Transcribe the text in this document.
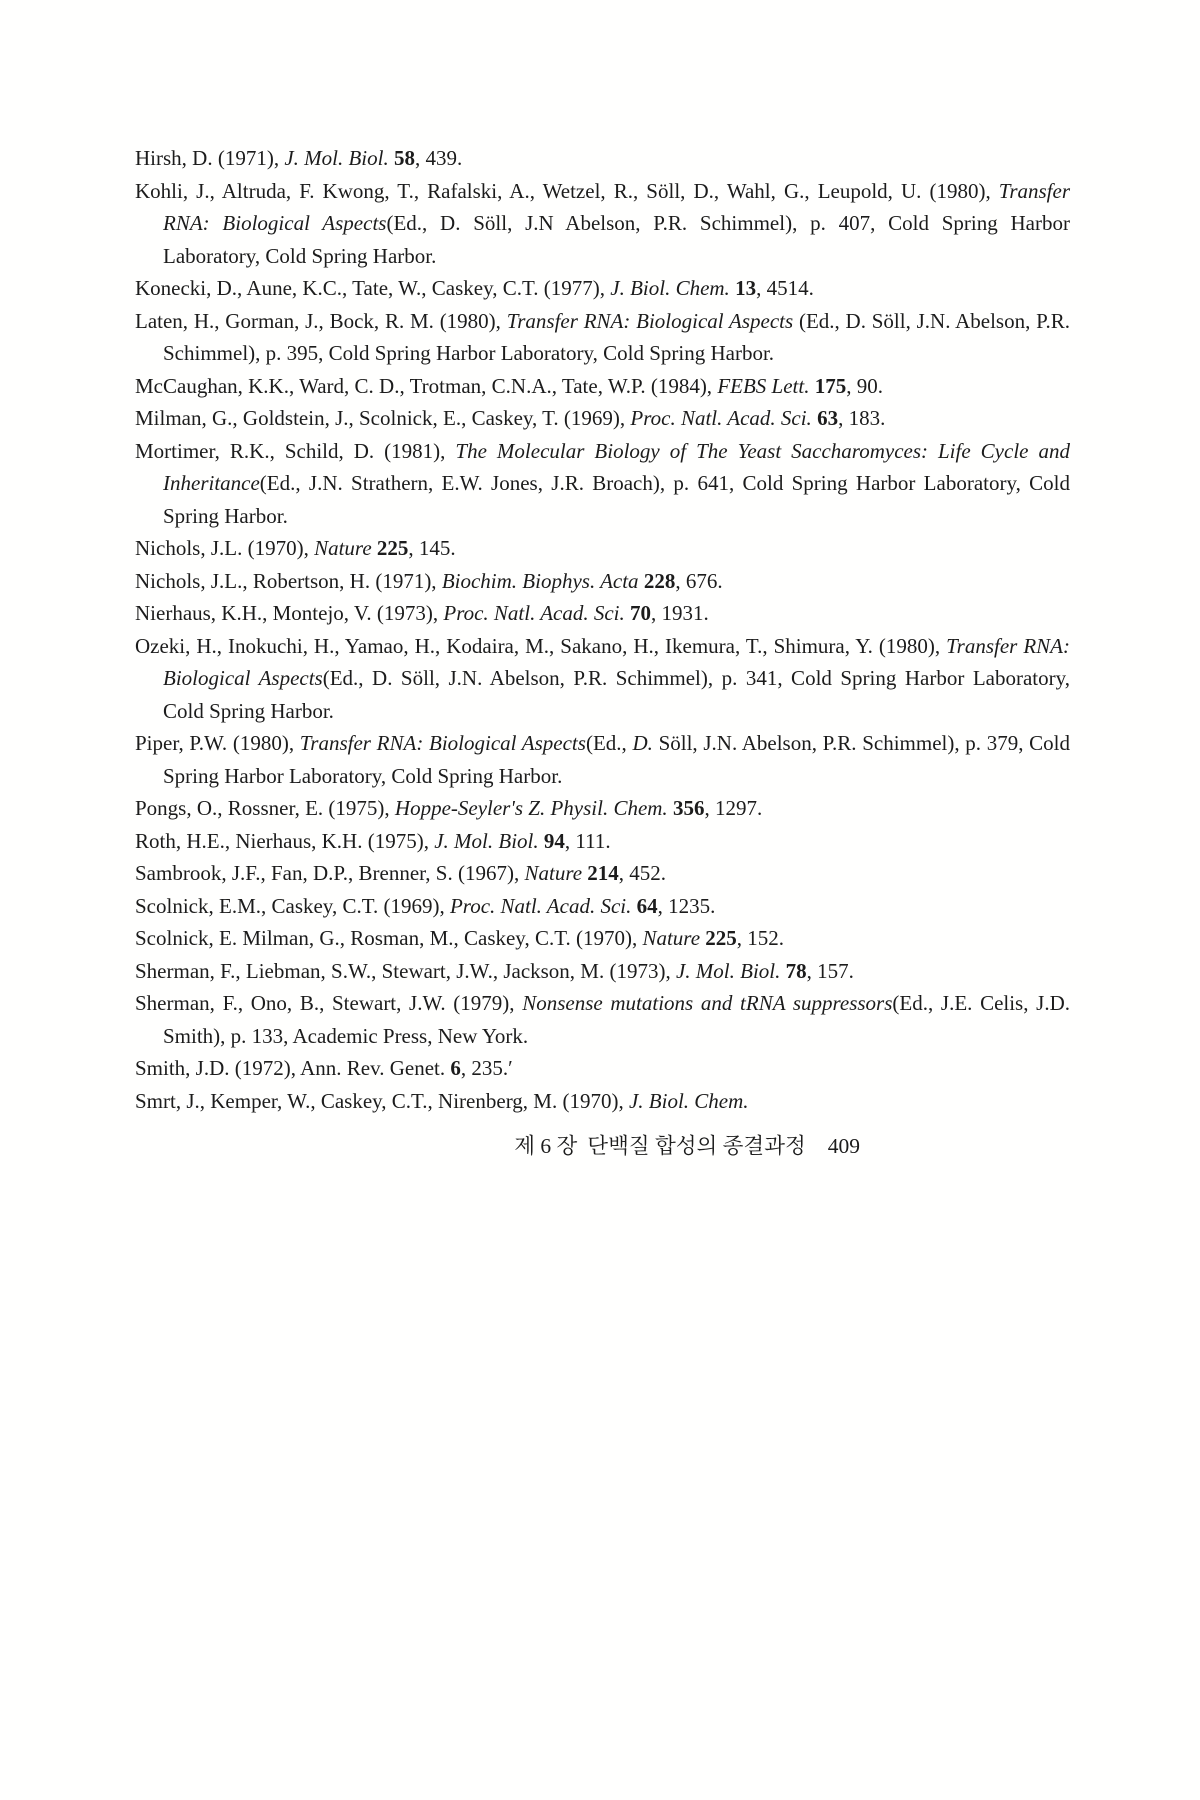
Hirsh, D. (1971), J. Mol. Biol. 58, 439.

Kohli, J., Altruda, F. Kwong, T., Rafalski, A., Wetzel, R., Söll, D., Wahl, G., Leupold, U. (1980), Transfer RNA: Biological Aspects(Ed., D. Söll, J.N Abelson, P.R. Schimmel), p. 407, Cold Spring Harbor Laboratory, Cold Spring Harbor.

Konecki, D., Aune, K.C., Tate, W., Caskey, C.T. (1977), J. Biol. Chem. 13, 4514.

Laten, H., Gorman, J., Bock, R. M. (1980), Transfer RNA: Biological Aspects (Ed., D. Söll, J.N. Abelson, P.R. Schimmel), p. 395, Cold Spring Harbor Laboratory, Cold Spring Harbor.

McCaughan, K.K., Ward, C. D., Trotman, C.N.A., Tate, W.P. (1984), FEBS Lett. 175, 90.

Milman, G., Goldstein, J., Scolnick, E., Caskey, T. (1969), Proc. Natl. Acad. Sci. 63, 183.

Mortimer, R.K., Schild, D. (1981), The Molecular Biology of The Yeast Saccharomyces: Life Cycle and Inheritance(Ed., J.N. Strathern, E.W. Jones, J.R. Broach), p. 641, Cold Spring Harbor Laboratory, Cold Spring Harbor.

Nichols, J.L. (1970), Nature 225, 145.

Nichols, J.L., Robertson, H. (1971), Biochim. Biophys. Acta 228, 676.

Nierhaus, K.H., Montejo, V. (1973), Proc. Natl. Acad. Sci. 70, 1931.

Ozeki, H., Inokuchi, H., Yamao, H., Kodaira, M., Sakano, H., Ikemura, T., Shimura, Y. (1980), Transfer RNA: Biological Aspects(Ed., D. Söll, J.N. Abelson, P.R. Schimmel), p. 341, Cold Spring Harbor Laboratory, Cold Spring Harbor.

Piper, P.W. (1980), Transfer RNA: Biological Aspects(Ed., D. Söll, J.N. Abelson, P.R. Schimmel), p. 379, Cold Spring Harbor Laboratory, Cold Spring Harbor.

Pongs, O., Rossner, E. (1975), Hoppe-Seyler's Z. Physil. Chem. 356, 1297.

Roth, H.E., Nierhaus, K.H. (1975), J. Mol. Biol. 94, 111.

Sambrook, J.F., Fan, D.P., Brenner, S. (1967), Nature 214, 452.

Scolnick, E.M., Caskey, C.T. (1969), Proc. Natl. Acad. Sci. 64, 1235.

Scolnick, E. Milman, G., Rosman, M., Caskey, C.T. (1970), Nature 225, 152.

Sherman, F., Liebman, S.W., Stewart, J.W., Jackson, M. (1973), J. Mol. Biol. 78, 157.

Sherman, F., Ono, B., Stewart, J.W. (1979), Nonsense mutations and tRNA suppressors(Ed., J.E. Celis, J.D. Smith), p. 133, Academic Press, New York.

Smith, J.D. (1972), Ann. Rev. Genet. 6, 235.′

Smrt, J., Kemper, W., Caskey, C.T., Nirenberg, M. (1970), J. Biol. Chem.

제 6 장 단백질 합성의 종결과정 409
